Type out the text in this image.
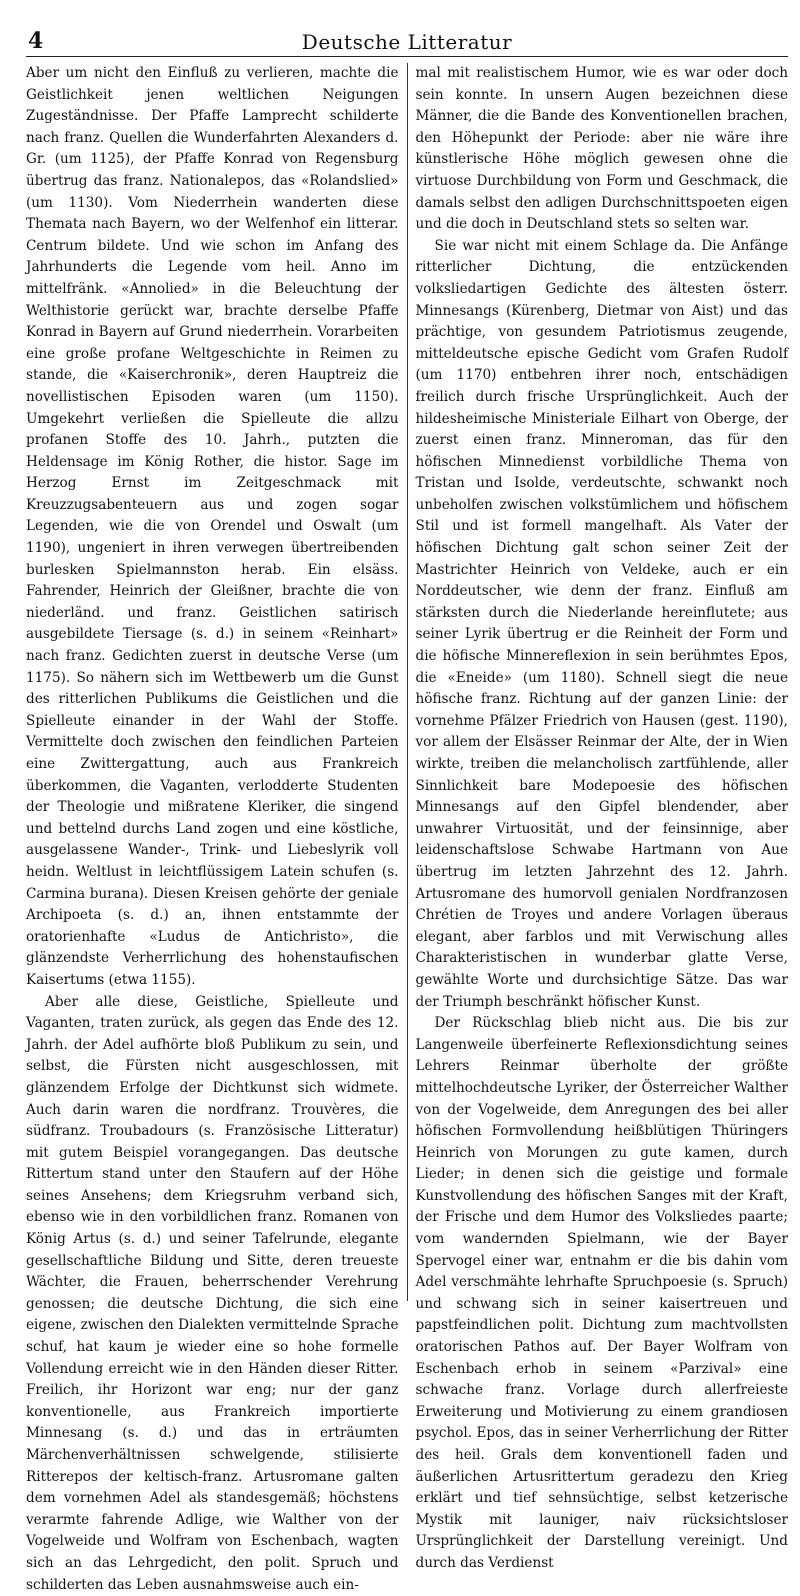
4	Deutsche Litteratur

Aber um nicht den Einfluß zu verlieren, machte die Geistlichkeit jenen weltlichen Neigungen Zugeständnisse. Der Pfaffe Lamprecht schilderte nach franz. Quellen die Wunderfahrten Alexanders d. Gr. (um 1125), der Pfaffe Konrad von Regensburg übertrug das franz. Nationalepos, das «Rolandslied» (um 1130). Vom Niederrhein wanderten diese Themata nach Bayern, wo der Welfenhof ein litterar. Centrum bildete. Und wie schon im Anfang des Jahrhunderts die Legende vom heil. Anno im mittelfränk. «Annolied» in die Beleuchtung der Welthistorie gerückt war, brachte derselbe Pfaffe Konrad in Bayern auf Grund niederrhein. Vorarbeiten eine große profane Weltgeschichte in Reimen zu stande, die «Kaiserchronik», deren Hauptreiz die novellistischen Episoden waren (um 1150). Umgekehrt verließen die Spielleute die allzu profanen Stoffe des 10. Jahrh., putzten die Heldensage im König Rother, die histor. Sage im Herzog Ernst im Zeitgeschmack mit Kreuzzugsabenteuern aus und zogen sogar Legenden, wie die von Orendel und Oswalt (um 1190), ungeniert in ihren verwegen übertreibenden burlesken Spielmannston herab. Ein elsäss. Fahrender, Heinrich der Gleißner, brachte die von niederländ. und franz. Geistlichen satirisch ausgebildete Tiersage (s. d.) in seinem «Reinhart» nach franz. Gedichten zuerst in deutsche Verse (um 1175). So nähern sich im Wettbewerb um die Gunst des ritterlichen Publikums die Geistlichen und die Spielleute einander in der Wahl der Stoffe. Vermittelte doch zwischen den feindlichen Parteien eine Zwittergattung, auch aus Frankreich überkommen, die Vaganten, verlodderte Studenten der Theologie und mißratene Kleriker, die singend und bettelnd durchs Land zogen und eine köstliche, ausgelassene Wander-, Trink- und Liebeslyrik voll heidn. Weltlust in leichtflüssigem Latein schufen (s. Carmina burana). Diesen Kreisen gehörte der geniale Archipoeta (s. d.) an, ihnen entstammte der oratorienhafte «Ludus de Antichristo», die glänzendste Verherrlichung des hohenstaufischen Kaisertums (etwa 1155).

Aber alle diese, Geistliche, Spielleute und Vaganten, traten zurück, als gegen das Ende des 12. Jahrh. der Adel aufhörte bloß Publikum zu sein, und selbst, die Fürsten nicht ausgeschlossen, mit glänzendem Erfolge der Dichtkunst sich widmete. Auch darin waren die nordfranz. Trouvères, die südfranz. Troubadours (s. Französische Litteratur) mit gutem Beispiel vorangegangen. Das deutsche Rittertum stand unter den Staufern auf der Höhe seines Ansehens; dem Kriegsruhm verband sich, ebenso wie in den vorbildlichen franz. Romanen von König Artus (s. d.) und seiner Tafelrunde, elegante gesellschaftliche Bildung und Sitte, deren treueste Wächter, die Frauen, beherrschender Verehrung genossen; die deutsche Dichtung, die sich eine eigene, zwischen den Dialekten vermittelnde Sprache schuf, hat kaum je wieder eine so hohe formelle Vollendung erreicht wie in den Händen dieser Ritter. Freilich, ihr Horizont war eng; nur der ganz konventionelle, aus Frankreich importierte Minnesang (s. d.) und das in erträumten Märchenverhältnissen schwelgende, stilisierte Ritterepos der keltisch-franz. Artusromane galten dem vornehmen Adel als standesgemäß; höchstens verarmte fahrende Adlige, wie Walther von der Vogelweide und Wolfram von Eschenbach, wagten sich an das Lehrgedicht, den polit. Spruch und schilderten das Leben ausnahmsweise auch ein-

mal mit realistischem Humor, wie es war oder doch sein konnte. In unsern Augen bezeichnen diese Männer, die die Bande des Konventionellen brachen, den Höhepunkt der Periode: aber nie wäre ihre künstlerische Höhe möglich gewesen ohne die virtuose Durchbildung von Form und Geschmack, die damals selbst den adligen Durchschnittspoeten eigen und die doch in Deutschland stets so selten war.

Sie war nicht mit einem Schlage da. Die Anfänge ritterlicher Dichtung, die entzückenden volksliedartigen Gedichte des ältesten österr. Minnesangs (Kürenberg, Dietmar von Aist) und das prächtige, von gesundem Patriotismus zeugende, mitteldeutsche epische Gedicht vom Grafen Rudolf (um 1170) entbehren ihrer noch, entschädigen freilich durch frische Ursprünglichkeit. Auch der hildesheimische Ministeriale Eilhart von Oberge, der zuerst einen franz. Minneroman, das für den höfischen Minnedienst vorbildliche Thema von Tristan und Isolde, verdeutschte, schwankt noch unbeholfen zwischen volkstümlichem und höfischem Stil und ist formell mangelhaft. Als Vater der höfischen Dichtung galt schon seiner Zeit der Mastrichter Heinrich von Veldeke, auch er ein Norddeutscher, wie denn der franz. Einfluß am stärksten durch die Niederlande hereinflutete; aus seiner Lyrik übertrug er die Reinheit der Form und die höfische Minnereflexion in sein berühmtes Epos, die «Eneide» (um 1180). Schnell siegt die neue höfische franz. Richtung auf der ganzen Linie: der vornehme Pfälzer Friedrich von Hausen (gest. 1190), vor allem der Elsässer Reinmar der Alte, der in Wien wirkte, treiben die melancholisch zartfühlende, aller Sinnlichkeit bare Modepoesie des höfischen Minnesangs auf den Gipfel blendender, aber unwahrer Virtuosität, und der feinsinnige, aber leidenschaftslose Schwabe Hartmann von Aue übertrug im letzten Jahrzehnt des 12. Jahrh. Artusromane des humorvoll genialen Nordfranzosen Chrétien de Troyes und andere Vorlagen überaus elegant, aber farblos und mit Verwischung alles Charakteristischen in wunderbar glatte Verse, gewählte Worte und durchsichtige Sätze. Das war der Triumph beschränkt höfischer Kunst.

Der Rückschlag blieb nicht aus. Die bis zur Langenweile überfeinerte Reflexionsdichtung seines Lehrers Reinmar überholte der größte mittelhochdeutsche Lyriker, der Österreicher Walther von der Vogelweide, dem Anregungen des bei aller höfischen Formvollendung heißblütigen Thüringers Heinrich von Morungen zu gute kamen, durch Lieder; in denen sich die geistige und formale Kunstvollendung des höfischen Sanges mit der Kraft, der Frische und dem Humor des Volksliedes paarte; vom wandernden Spielmann, wie der Bayer Spervogel einer war, entnahm er die bis dahin vom Adel verschmähte lehrhafte Spruchpoesie (s. Spruch) und schwang sich in seiner kaisertreuen und papstfeindlichen polit. Dichtung zum machtvollsten oratorischen Pathos auf. Der Bayer Wolfram von Eschenbach erhob in seinem «Parzival» eine schwache franz. Vorlage durch allerfreieste Erweiterung und Motivierung zu einem grandiosen psychol. Epos, das in seiner Verherrlichung der Ritter des heil. Grals dem konventionell faden und äußerlichen Artusrittertum geradezu den Krieg erklärt und tief sehnsüchtige, selbst ketzerische Mystik mit launiger, naiv rücksichtsloser Ursprünglichkeit der Darstellung vereinigt. Und durch das Verdienst
